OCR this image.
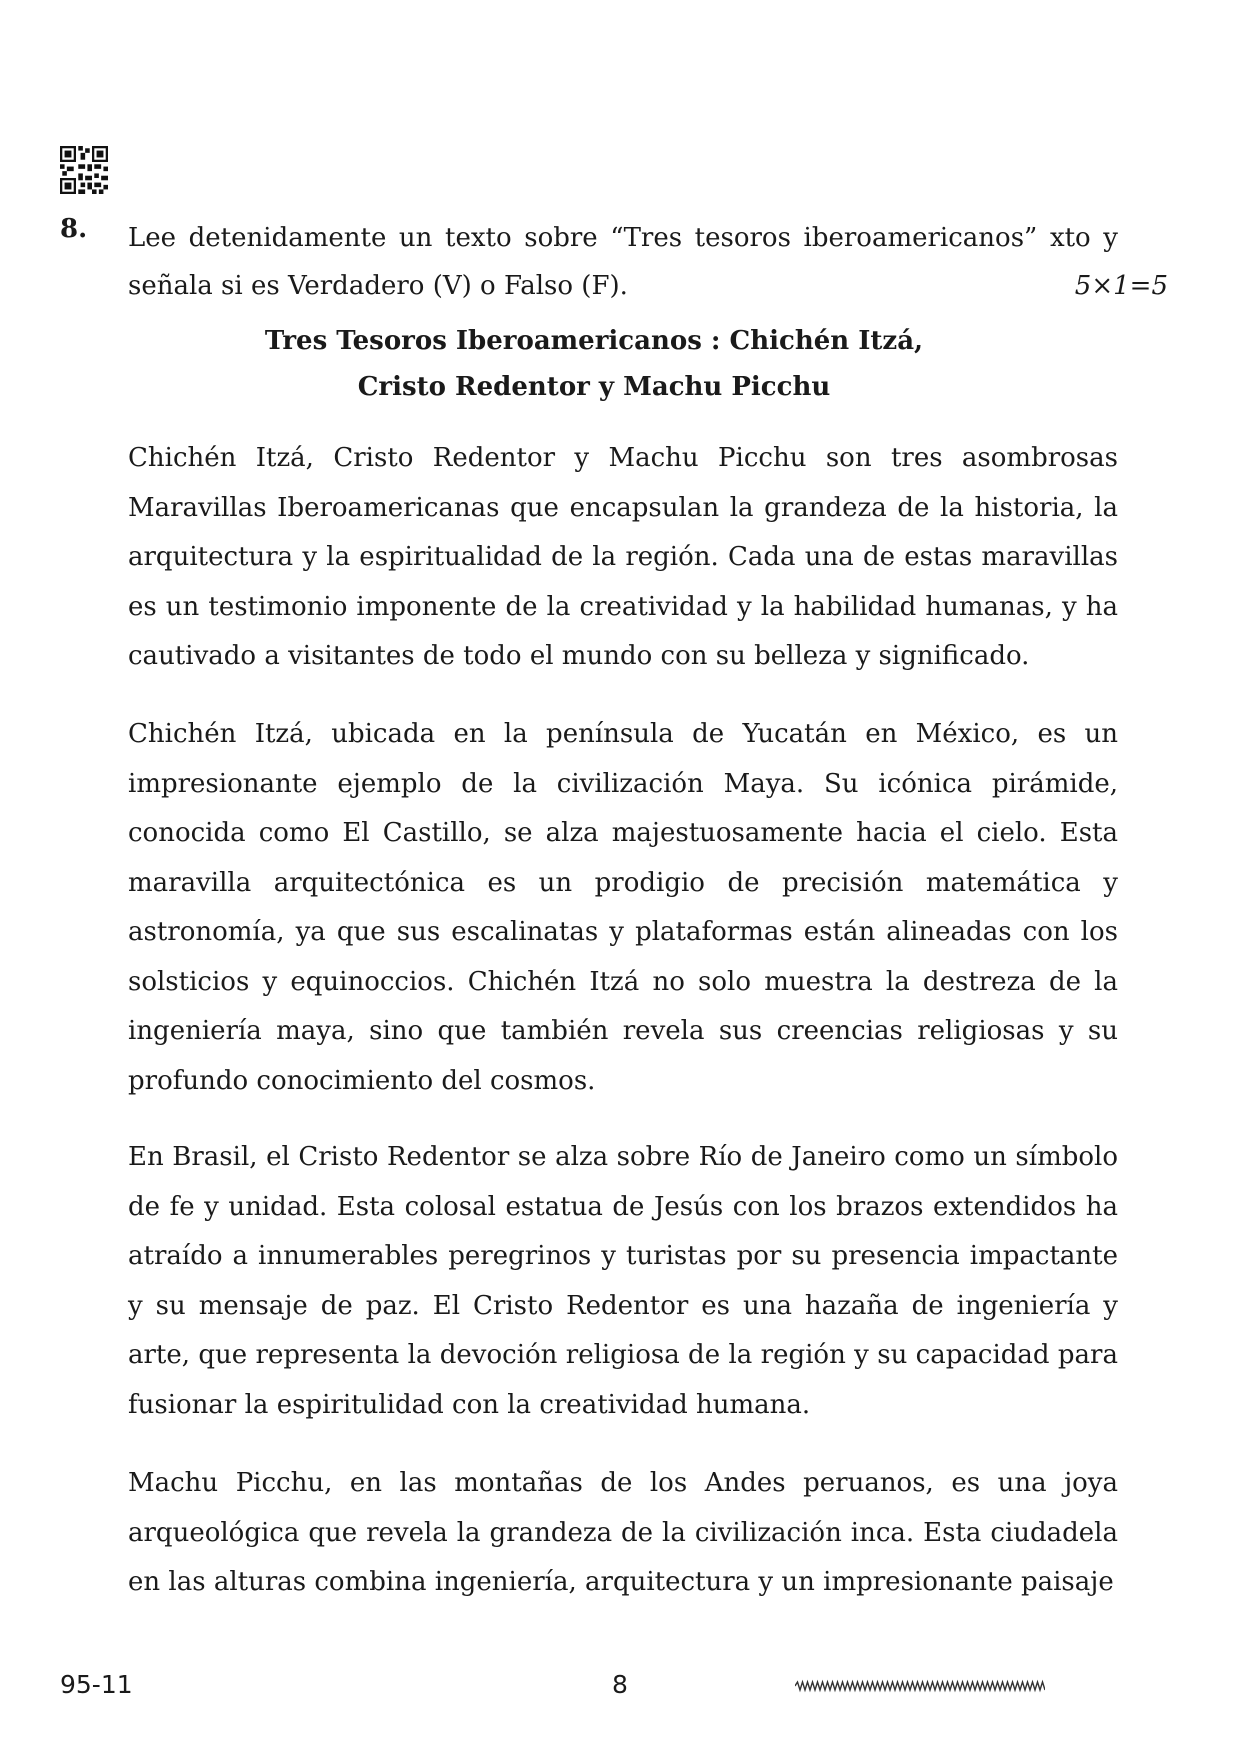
8. Lee detenidamente un texto sobre “Tres tesoros iberoamericanos” xto y
señala si es Verdadero (V) o Falso (F).	5×1=5
Tres Tesoros Iberoamericanos : Chichén Itzá,
Cristo Redentor y Machu Picchu

Chichén Itzá, Cristo Redentor y Machu Picchu son tres asombrosas Maravillas Iberoamericanas que encapsulan la grandeza de la historia, la arquitectura y la espiritualidad de la región. Cada una de estas maravillas es un testimonio imponente de la creatividad y la habilidad humanas, y ha cautivado a visitantes de todo el mundo con su belleza y significado.

Chichén Itzá, ubicada en la península de Yucatán en México, es un impresionante ejemplo de la civilización Maya. Su icónica pirámide, conocida como El Castillo, se alza majestuosamente hacia el cielo. Esta maravilla arquitectónica es un prodigio de precisión matemática y astronomía, ya que sus escalinatas y plataformas están alineadas con los solsticios y equinoccios. Chichén Itzá no solo muestra la destreza de la ingeniería maya, sino que también revela sus creencias religiosas y su profundo conocimiento del cosmos.

En Brasil, el Cristo Redentor se alza sobre Río de Janeiro como un símbolo de fe y unidad. Esta colosal estatua de Jesús con los brazos extendidos ha atraído a innumerables peregrinos y turistas por su presencia impactante y su mensaje de paz. El Cristo Redentor es una hazaña de ingeniería y arte, que representa la devoción religiosa de la región y su capacidad para fusionar la espiritulidad con la creatividad humana.

Machu Picchu, en las montañas de los Andes peruanos, es una joya arqueológica que revela la grandeza de la civilización inca. Esta ciudadela en las alturas combina ingeniería, arquitectura y un impresionante paisaje

95-11	8
